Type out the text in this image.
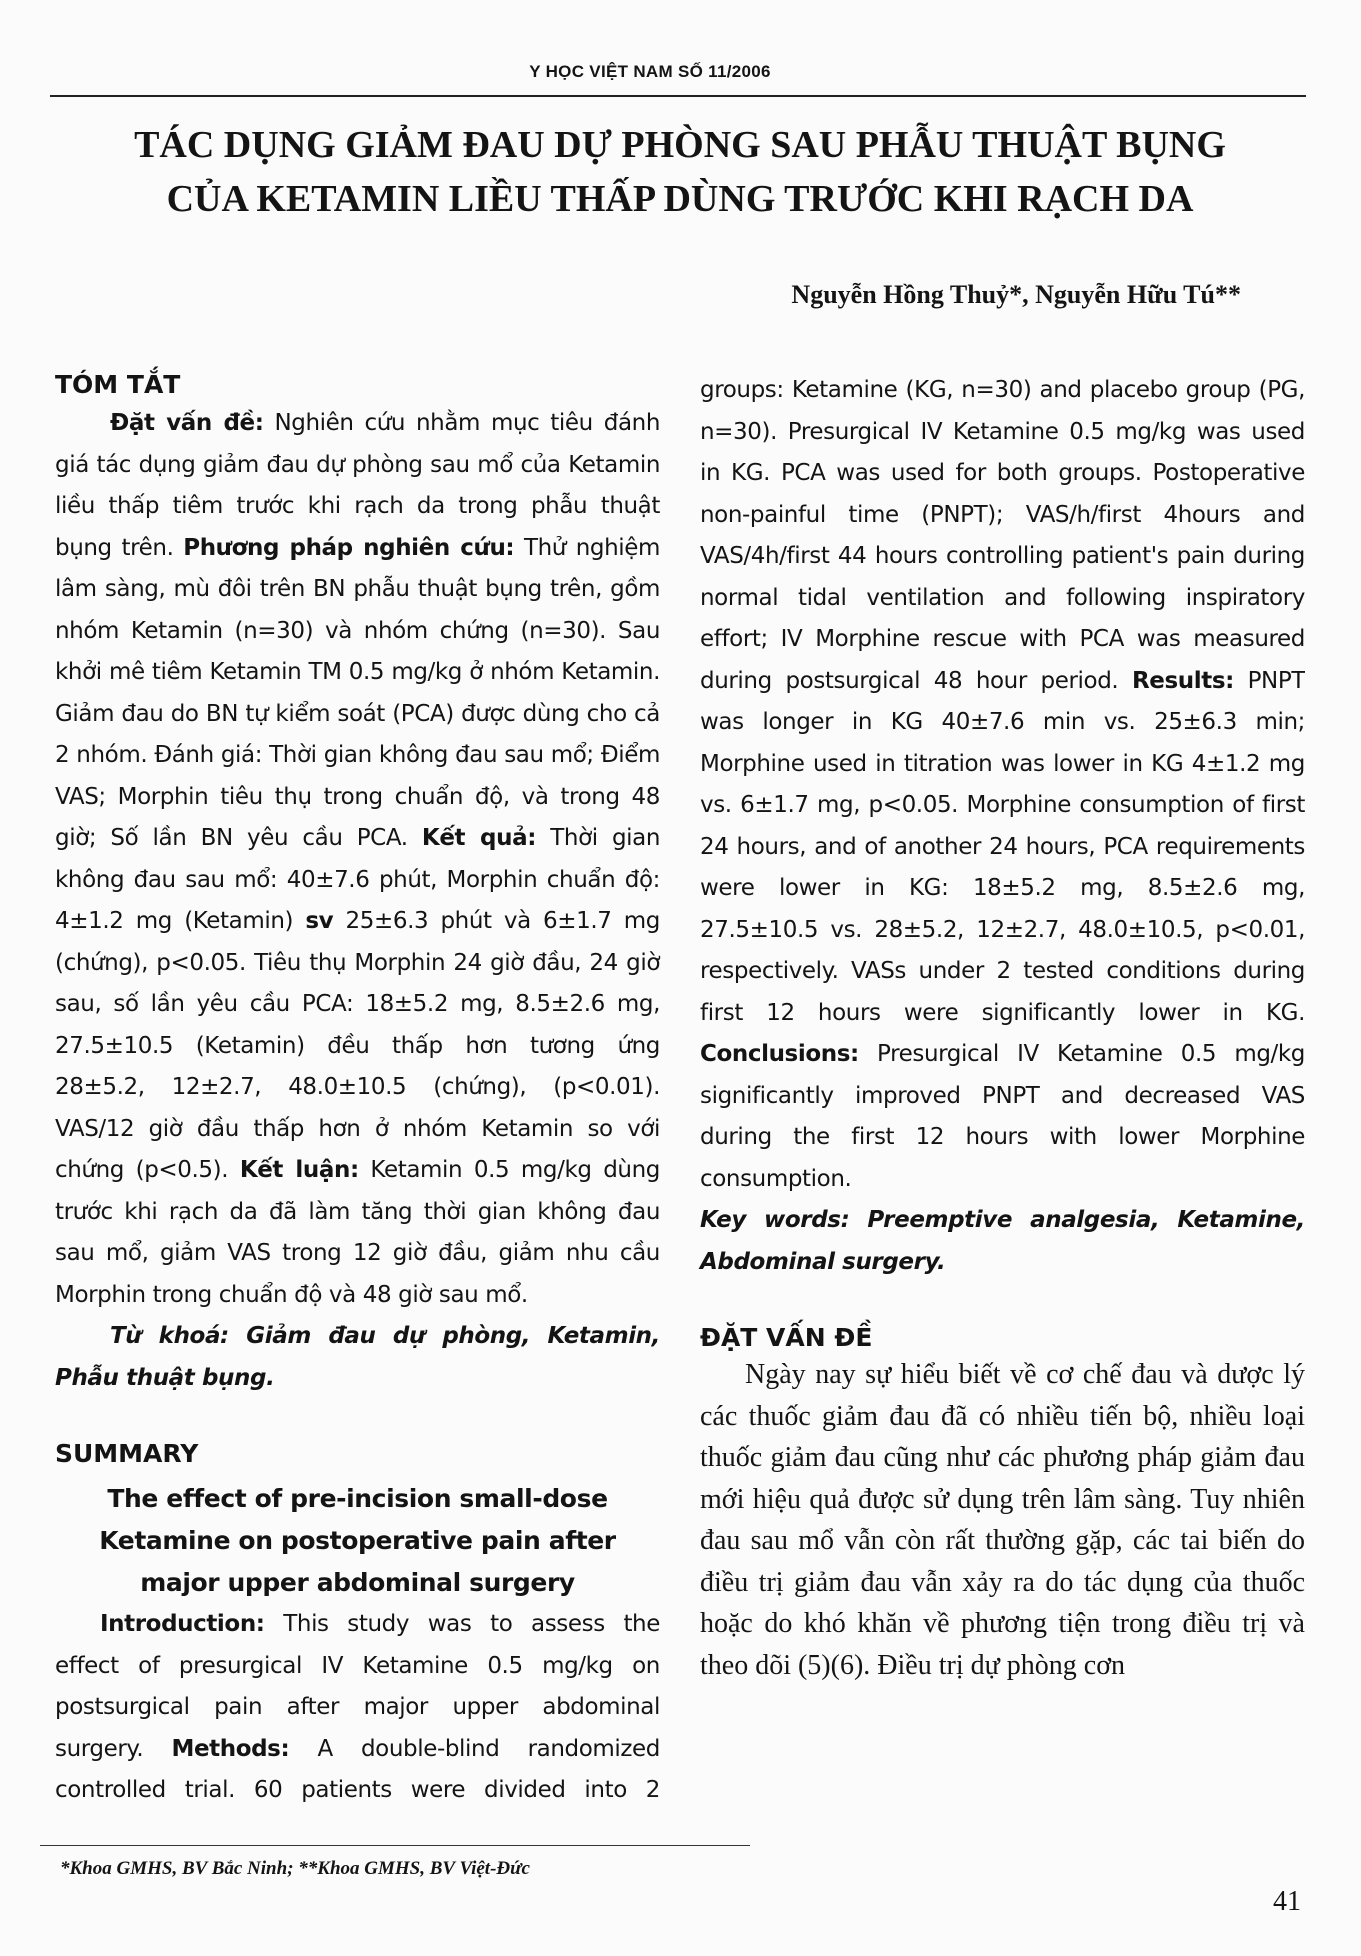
Y HỌC VIỆT NAM SỐ 11/2006
TÁC DỤNG GIẢM ĐAU DỰ PHÒNG SAU PHẪU THUẬT BỤNG
CỦA KETAMIN LIỀU THẤP DÙNG TRƯỚC KHI RẠCH DA
Nguyễn Hồng Thuỷ*, Nguyễn Hữu Tú**
TÓM TẮT

Đặt vấn đề: Nghiên cứu nhằm mục tiêu đánh giá tác dụng giảm đau dự phòng sau mổ của Ketamin liều thấp tiêm trước khi rạch da trong phẫu thuật bụng trên. Phương pháp nghiên cứu: Thử nghiệm lâm sàng, mù đôi trên BN phẫu thuật bụng trên, gồm nhóm Ketamin (n=30) và nhóm chứng (n=30). Sau khởi mê tiêm Ketamin TM 0.5 mg/kg ở nhóm Ketamin. Giảm đau do BN tự kiểm soát (PCA) được dùng cho cả 2 nhóm. Đánh giá: Thời gian không đau sau mổ; Điểm VAS; Morphin tiêu thụ trong chuẩn độ, và trong 48 giờ; Số lần BN yêu cầu PCA. Kết quả: Thời gian không đau sau mổ: 40±7.6 phút, Morphin chuẩn độ: 4±1.2 mg (Ketamin) sv 25±6.3 phút và 6±1.7 mg (chứng), p<0.05. Tiêu thụ Morphin 24 giờ đầu, 24 giờ sau, số lần yêu cầu PCA: 18±5.2 mg, 8.5±2.6 mg, 27.5±10.5 (Ketamin) đều thấp hơn tương ứng 28±5.2, 12±2.7, 48.0±10.5 (chứng), (p<0.01). VAS/12 giờ đầu thấp hơn ở nhóm Ketamin so với chứng (p<0.5). Kết luận: Ketamin 0.5 mg/kg dùng trước khi rạch da đã làm tăng thời gian không đau sau mổ, giảm VAS trong 12 giờ đầu, giảm nhu cầu Morphin trong chuẩn độ và 48 giờ sau mổ.

Từ khoá: Giảm đau dự phòng, Ketamin, Phẫu thuật bụng.

SUMMARY
The effect of pre-incision small-dose
Ketamine on postoperative pain after
major upper abdominal surgery

Introduction: This study was to assess the effect of presurgical IV Ketamine 0.5 mg/kg on postsurgical pain after major upper abdominal surgery. Methods: A double-blind randomized controlled trial. 60 patients were divided into 2

groups: Ketamine (KG, n=30) and placebo group (PG, n=30). Presurgical IV Ketamine 0.5 mg/kg was used in KG. PCA was used for both groups. Postoperative non-painful time (PNPT); VAS/h/first 4hours and VAS/4h/first 44 hours controlling patient's pain during normal tidal ventilation and following inspiratory effort; IV Morphine rescue with PCA was measured during postsurgical 48 hour period. Results: PNPT was longer in KG 40±7.6 min vs. 25±6.3 min; Morphine used in titration was lower in KG 4±1.2 mg vs. 6±1.7 mg, p<0.05. Morphine consumption of first 24 hours, and of another 24 hours, PCA requirements were lower in KG: 18±5.2 mg, 8.5±2.6 mg, 27.5±10.5 vs. 28±5.2, 12±2.7, 48.0±10.5, p<0.01, respectively. VASs under 2 tested conditions during first 12 hours were significantly lower in KG. Conclusions: Presurgical IV Ketamine 0.5 mg/kg significantly improved PNPT and decreased VAS during the first 12 hours with lower Morphine consumption.

Key words: Preemptive analgesia, Ketamine, Abdominal surgery.

ĐẶT VẤN ĐỀ

Ngày nay sự hiểu biết về cơ chế đau và dược lý các thuốc giảm đau đã có nhiều tiến bộ, nhiều loại thuốc giảm đau cũng như các phương pháp giảm đau mới hiệu quả được sử dụng trên lâm sàng. Tuy nhiên đau sau mổ vẫn còn rất thường gặp, các tai biến do điều trị giảm đau vẫn xảy ra do tác dụng của thuốc hoặc do khó khăn về phương tiện trong điều trị và theo dõi (5)(6). Điều trị dự phòng cơn

*Khoa GMHS, BV Bắc Ninh; **Khoa GMHS, BV Việt-Đức
41
